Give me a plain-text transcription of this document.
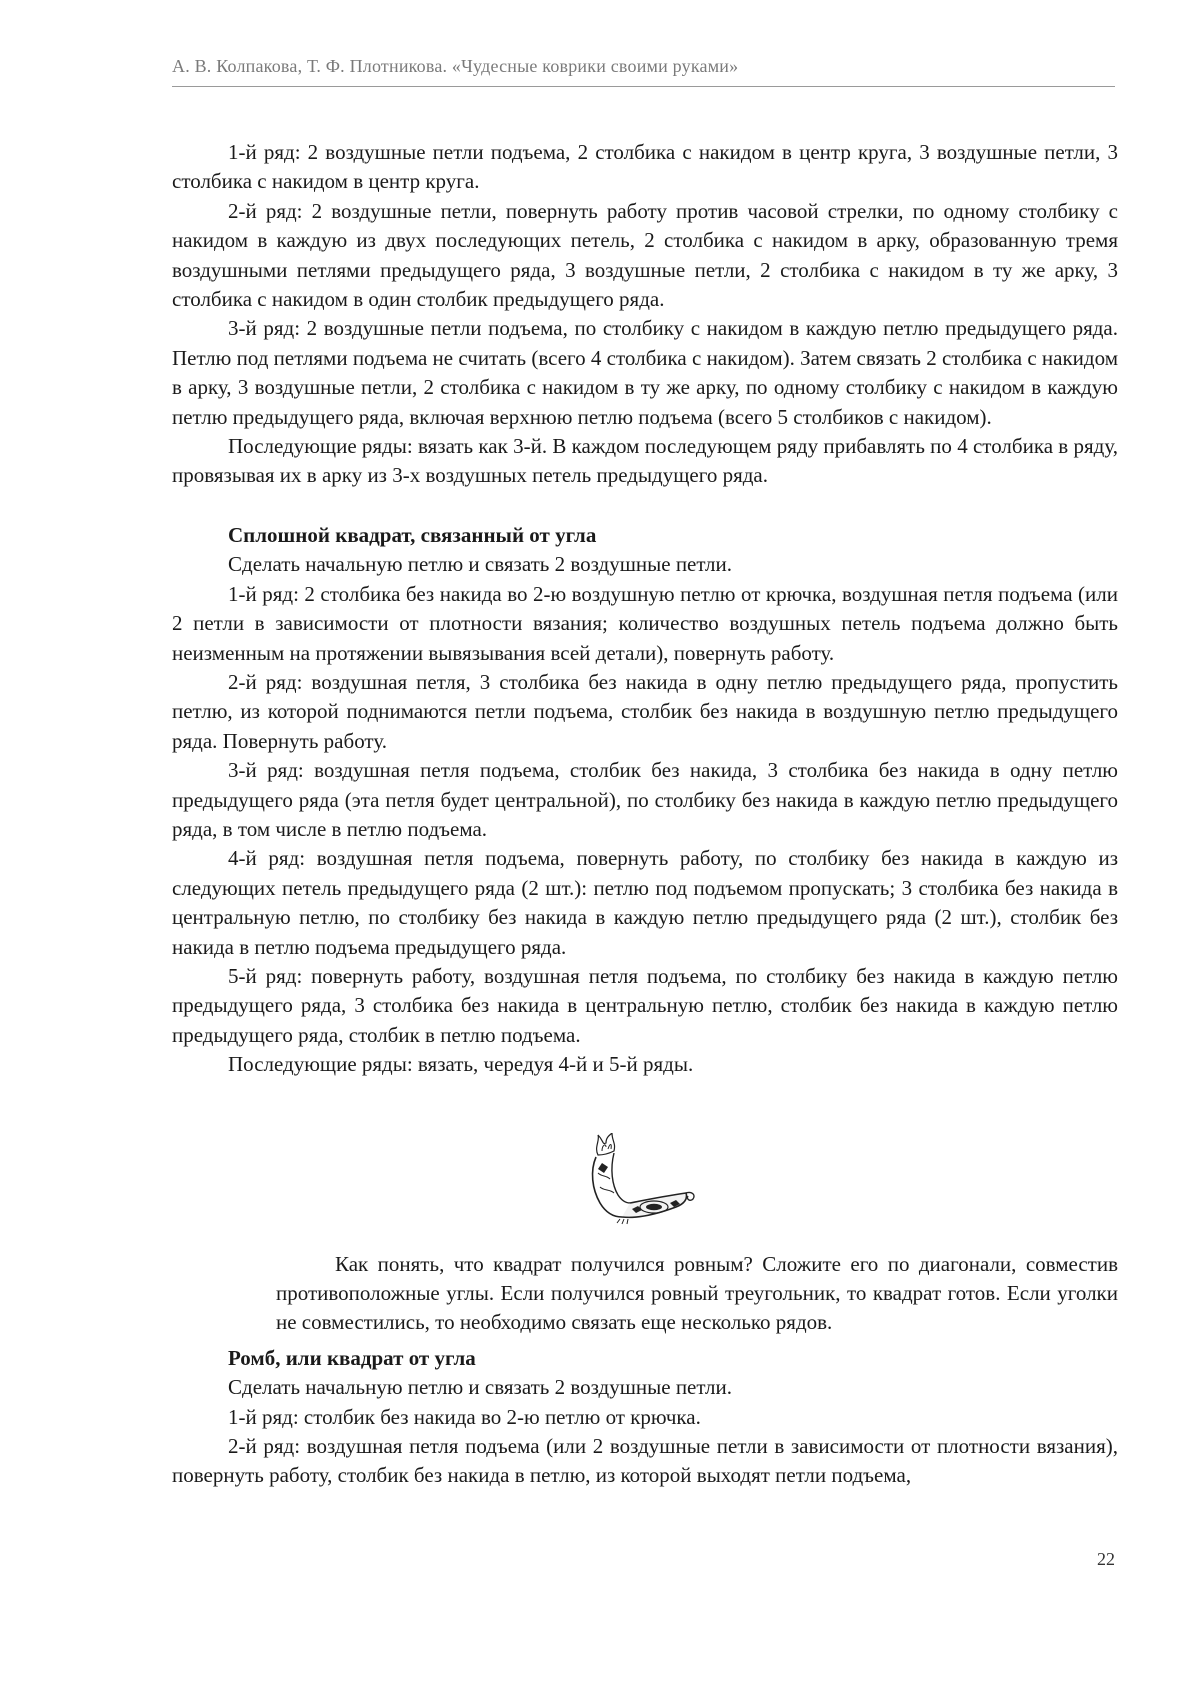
А. В. Колпакова, Т. Ф. Плотникова. «Чудесные коврики своими руками»

1-й ряд: 2 воздушные петли подъема, 2 столбика с накидом в центр круга, 3 воздушные петли, 3 столбика с накидом в центр круга.

2-й ряд: 2 воздушные петли, повернуть работу против часовой стрелки, по одному столбику с накидом в каждую из двух последующих петель, 2 столбика с накидом в арку, образованную тремя воздушными петлями предыдущего ряда, 3 воздушные петли, 2 столбика с накидом в ту же арку, 3 столбика с накидом в один столбик предыдущего ряда.

3-й ряд: 2 воздушные петли подъема, по столбику с накидом в каждую петлю предыдущего ряда. Петлю под петлями подъема не считать (всего 4 столбика с накидом). Затем связать 2 столбика с накидом в арку, 3 воздушные петли, 2 столбика с накидом в ту же арку, по одному столбику с накидом в каждую петлю предыдущего ряда, включая верхнюю петлю подъема (всего 5 столбиков с накидом).

Последующие ряды: вязать как 3-й. В каждом последующем ряду прибавлять по 4 столбика в ряду, провязывая их в арку из 3-х воздушных петель предыдущего ряда.

Сплошной квадрат, связанный от угла

Сделать начальную петлю и связать 2 воздушные петли.

1-й ряд: 2 столбика без накида во 2-ю воздушную петлю от крючка, воздушная петля подъема (или 2 петли в зависимости от плотности вязания; количество воздушных петель подъема должно быть неизменным на протяжении вывязывания всей детали), повернуть работу.

2-й ряд: воздушная петля, 3 столбика без накида в одну петлю предыдущего ряда, пропустить петлю, из которой поднимаются петли подъема, столбик без накида в воздушную петлю предыдущего ряда. Повернуть работу.

3-й ряд: воздушная петля подъема, столбик без накида, 3 столбика без накида в одну петлю предыдущего ряда (эта петля будет центральной), по столбику без накида в каждую петлю предыдущего ряда, в том числе в петлю подъема.

4-й ряд: воздушная петля подъема, повернуть работу, по столбику без накида в каждую из следующих петель предыдущего ряда (2 шт.): петлю под подъемом пропускать; 3 столбика без накида в центральную петлю, по столбику без накида в каждую петлю предыдущего ряда (2 шт.), столбик без накида в петлю подъема предыдущего ряда.

5-й ряд: повернуть работу, воздушная петля подъема, по столбику без накида в каждую петлю предыдущего ряда, 3 столбика без накида в центральную петлю, столбик без накида в каждую петлю предыдущего ряда, столбик в петлю подъема.

Последующие ряды: вязать, чередуя 4-й и 5-й ряды.

Как понять, что квадрат получился ровным? Сложите его по диагонали, совместив противоположные углы. Если получился ровный треугольник, то квадрат готов. Если уголки не совместились, то необходимо связать еще несколько рядов.

Ромб, или квадрат от угла

Сделать начальную петлю и связать 2 воздушные петли.

1-й ряд: столбик без накида во 2-ю петлю от крючка.

2-й ряд: воздушная петля подъема (или 2 воздушные петли в зависимости от плотности вязания), повернуть работу, столбик без накида в петлю, из которой выходят петли подъема,

22
